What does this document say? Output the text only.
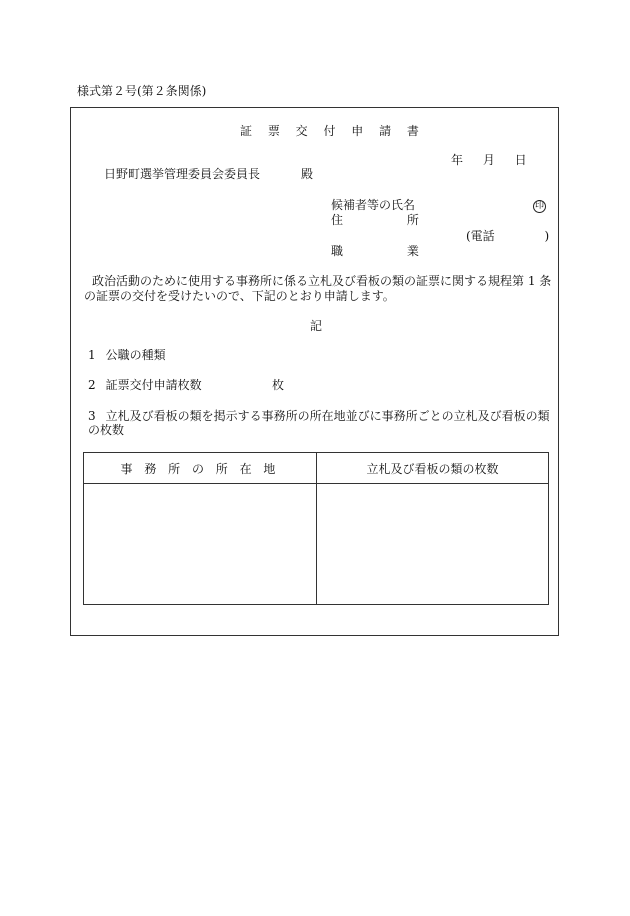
様式第２号(第２条関係)
証 票 交 付 申 請 書
年 月 日
日野町選挙管理委員会委員長	殿
候補者等の氏名	印
住 所
(電話 )
職 業
政治活動のために使用する事務所に係る立札及び看板の類の証票に関する規程第 1 条の証票の交付を受けたいので、下記のとおり申請します。
記
1 公職の種類
2 証票交付申請枚数	枚
3 立札及び看板の類を掲示する事務所の所在地並びに事務所ごとの立札及び看板の類の枚数
事 務 所 の 所 在 地	立札及び看板の類の枚数
